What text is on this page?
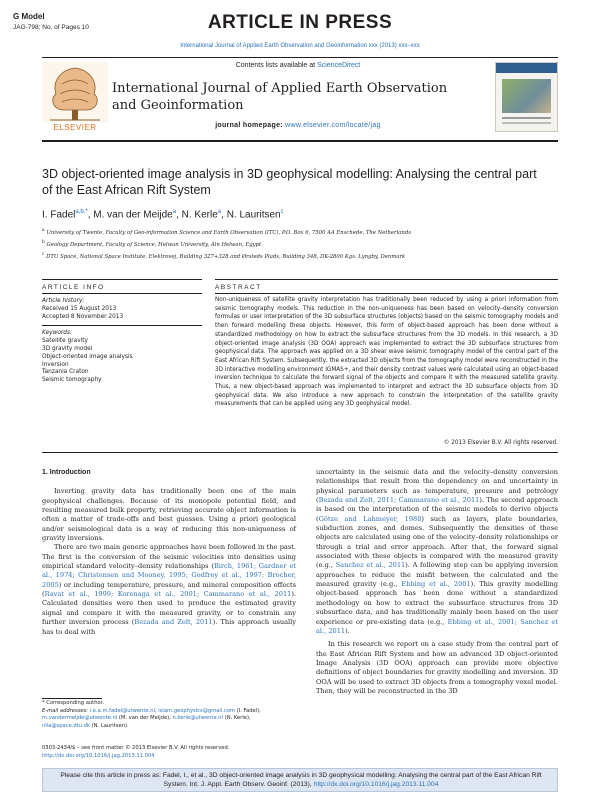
G Model
JAG-798; No. of Pages 10	ARTICLE IN PRESS
International Journal of Applied Earth Observation and Geoinformation xxx (2013) xxx–xxx
ELSEVIER
Contents lists available at ScienceDirect
International Journal of Applied Earth Observation and Geoinformation
journal homepage: www.elsevier.com/locate/jag
3D object-oriented image analysis in 3D geophysical modelling: Analysing the central part of the East African Rift System
I. Fadel$^{a,b,*}$, M. van der Meijde$^a$, N. Kerle$^a$, N. Lauritsen$^c$
$^a$ University of Twente, Faculty of Geo-information Science and Earth Observation (ITC), P.O. Box 6, 7500 AA Enschede, The Netherlands
$^b$ Geology Department, Faculty of Science, Helwan University, Ain Helwan, Egypt
$^c$ DTU Space, National Space Institute, Elektrovej, Building 327+328 and Ørsteds Plads, Building 348, DK-2800 Kgs. Lyngby, Denmark
ARTICLE INFO	ABSTRACT
Article history:
Received 15 August 2013
Accepted 8 November 2013
Keywords:
Satellite gravity
3D gravity model
Object-oriented image analysis
Inversion
Tanzania Craton
Seismic tomography
Non-uniqueness of satellite gravity interpretation has traditionally been reduced by using a priori information from seismic tomography models. This reduction in the non-uniqueness has been based on velocity–density conversion formulas or user interpretation of the 3D subsurface structures (objects) based on the seismic tomography models and then forward modelling these objects. However, this form of object-based approach has been done without a standardized methodology on how to extract the subsurface structures from the 3D models. In this research, a 3D object-oriented image analysis (3D OOA) approach was implemented to extract the 3D subsurface structures from geophysical data. The approach was applied on a 3D shear wave seismic tomography model of the central part of the East African Rift System. Subsequently, the extracted 3D objects from the tomography model were reconstructed in the 3D interactive modelling environment IGMAS+, and their density contrast values were calculated using an object-based inversion technique to calculate the forward signal of the objects and compare it with the measured satellite gravity. Thus, a new object-based approach was implemented to interpret and extract the 3D subsurface objects from 3D geophysical data. We also introduce a new approach to constrain the interpretation of the satellite gravity measurements that can be applied using any 3D geophysical model.
© 2013 Elsevier B.V. All rights reserved.
1. Introduction

Inverting gravity data has traditionally been one of the main geophysical challenges. Because of its monopole potential field, and resulting measured bulk property, retrieving accurate object information is often a matter of trade-offs and best guesses. Using a priori geological and/or seismological data is a way of reducing this non-uniqueness of gravity inversions.

There are two main generic approaches have been followed in the past. The first is the conversion of the seismic velocities into densities using empirical standard velocity–density relationships (Birch, 1961; Gardner et al., 1974; Christensen and Mooney, 1995; Godfrey et al., 1997; Brocher, 2005) or including temperature, pressure, and mineral composition effects (Ravat et al., 1999; Korenaga et al., 2001; Cammarano et al., 2011). Calculated densities were then used to produce the estimated gravity signal and compare it with the measured gravity, or to constrain any further inversion process (Bezada and Zelt, 2011). This approach usually has to deal with

uncertainty in the seismic data and the velocity–density conversion relationships that result from the dependency on and uncertainty in physical parameters such as temperature, pressure and petrology (Bezada and Zelt, 2011; Cammarano et al., 2011). The second approach is based on the interpretation of the seismic models to derive objects (Götze and Lahmeyer, 1988) such as layers, plate boundaries, subduction zones, and domes. Subsequently the densities of these objects are calculated using one of the velocity–density relationships or through a trial and error approach. After that, the forward signal associated with these objects is compared with the measured gravity (e.g., Sanchez et al., 2011). A following step can be applying inversion approaches to reduce the misfit between the calculated and the measured gravity (e.g., Ebbing et al., 2001). This gravity modelling object-based approach has been done without a standardized methodology on how to extract the subsurface structures from 3D subsurface data, and has traditionally mainly been based on the user experience or pre-existing data (e.g., Ebbing et al., 2001; Sanchez et al., 2011).

In this research we report on a case study from the central part of the East African Rift System and how an advanced 3D object-oriented Image Analysis (3D OOA) approach can provide more objective definitions of object boundaries for gravity modelling and inversion. 3D OOA will be used to extract 3D objects from a tomography voxel model. Then, they will be reconstructed in the 3D

* Corresponding author.
E-mail addresses: i.e.a.m.fadel@utwente.nl, islam.geophysics@gmail.com (I. Fadel), m.vandermeijde@utwente.nl (M. van der Meijde), n.kerle@utwente.nl (N. Kerle), nila@space.dtu.dk (N. Lauritsen).
0303-2434/$ – see front matter © 2013 Elsevier B.V. All rights reserved.
http://dx.doi.org/10.1016/j.jag.2013.11.004
Please cite this article in press as: Fadel, I., et al., 3D object-oriented image analysis in 3D geophysical modelling: Analysing the central part of the East African Rift System. Int. J. Appl. Earth Observ. Geoinf. (2013), http://dx.doi.org/10.1016/j.jag.2013.11.004
